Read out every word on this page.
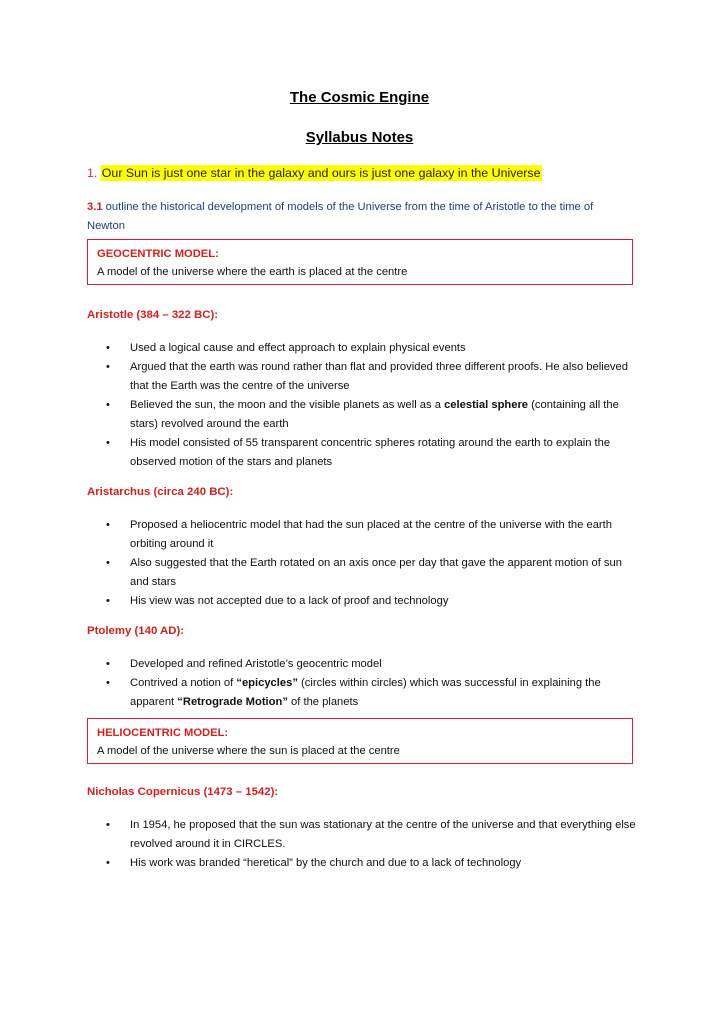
The Cosmic Engine
Syllabus Notes
1. Our Sun is just one star in the galaxy and ours is just one galaxy in the Universe
3.1 outline the historical development of models of the Universe from the time of Aristotle to the time of Newton
GEOCENTRIC MODEL:
A model of the universe where the earth is placed at the centre
Aristotle (384 – 322 BC):
• Used a logical cause and effect approach to explain physical events
• Argued that the earth was round rather than flat and provided three different proofs. He also believed that the Earth was the centre of the universe
• Believed the sun, the moon and the visible planets as well as a celestial sphere (containing all the stars) revolved around the earth
• His model consisted of 55 transparent concentric spheres rotating around the earth to explain the observed motion of the stars and planets
Aristarchus (circa 240 BC):
• Proposed a heliocentric model that had the sun placed at the centre of the universe with the earth orbiting around it
• Also suggested that the Earth rotated on an axis once per day that gave the apparent motion of sun and stars
• His view was not accepted due to a lack of proof and technology
Ptolemy (140 AD):
• Developed and refined Aristotle’s geocentric model
• Contrived a notion of “epicycles” (circles within circles) which was successful in explaining the apparent “Retrograde Motion” of the planets
HELIOCENTRIC MODEL:
A model of the universe where the sun is placed at the centre
Nicholas Copernicus (1473 – 1542):
• In 1954, he proposed that the sun was stationary at the centre of the universe and that everything else revolved around it in CIRCLES.
• His work was branded “heretical” by the church and due to a lack of technology
